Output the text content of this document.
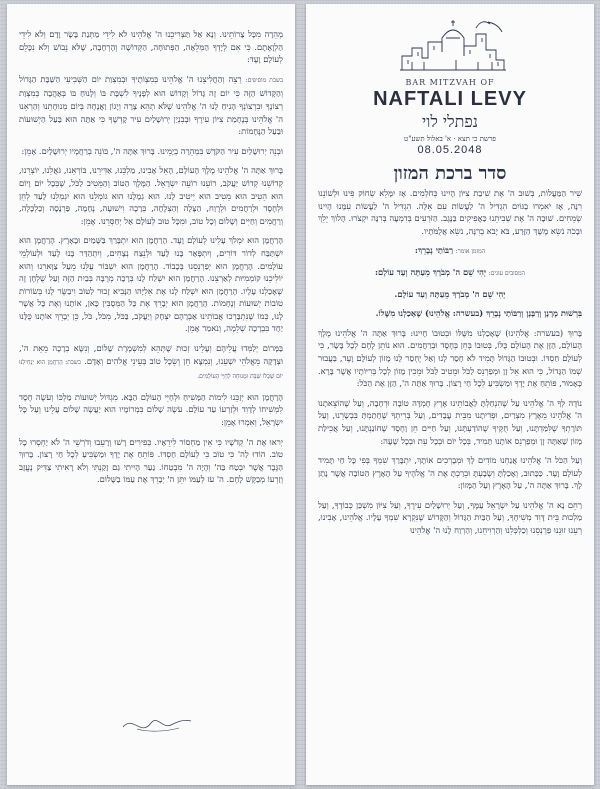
מְהֵרָה מִכָּל צָרוֹתֵינוּ. וְנָא אַל תַּצְרִיכֵנוּ ה' אֱלֹהֵינוּ לֹא לִידֵי מַתְּנַת בָּשָׂר וָדָם וְלֹא לִידֵי הַלְוָאָתָם. כִּי אִם לְיָדְךָ הַמְּלֵאָה, הַפְּתוּחָה, הַקְּדוֹשָׁה וְהָרְחָבָה, שֶׁלֹּא נֵבוֹשׁ וְלֹא נִכָּלֵם לְעוֹלָם וָעֶד:

בשבת מוסיפים: רְצֵה וְהַחֲלִיצֵנוּ ה' אֱלֹהֵינוּ בְּמִצְוֹתֶיךָ וּבְמִצְוַת יוֹם הַשְּׁבִיעִי הַשַּׁבָּת הַגָּדוֹל וְהַקָּדוֹשׁ הַזֶּה כִּי יוֹם זֶה גָּדוֹל וְקָדוֹשׁ הוּא לְפָנֶיךָ לִשְׁבָּת בּוֹ וְלָנוּחַ בּוֹ בְּאַהֲבָה כְּמִצְוַת רְצוֹנֶךָ וּבִרְצוֹנְךָ הָנִיחַ לָנוּ ה' אֱלֹהֵינוּ שֶׁלֹּא תְהֵא צָרָה וְיָגוֹן וַאֲנָחָה בְּיוֹם מְנוּחָתֵנוּ וְהַרְאֵנוּ ה' אֱלֹהֵינוּ בְּנֶחָמַת צִיּוֹן עִירֶךָ וּבְבִנְיַן יְרוּשָׁלַיִם עִיר קָדְשֶׁךָ כִּי אַתָּה הוּא בַּעַל הַיְשׁוּעוֹת וּבַעַל הַנֶּחָמוֹת:

וּבְנֵה יְרוּשָׁלַיִם עִיר הַקֹּדֶשׁ בִּמְהֵרָה בְיָמֵינוּ. בָּרוּךְ אַתָּה ה', בּוֹנֵה בְרַחֲמָיו יְרוּשָׁלָיִם. אָמֵן:

בָּרוּךְ אַתָּה ה' אֱלֹהֵינוּ מֶלֶךְ הָעוֹלָם, הָאֵל אָבִינוּ, מַלְכֵּנוּ, אַדִּירֵנוּ, בּוֹרְאֵנוּ, גֹּאֲלֵנוּ, יוֹצְרֵנוּ, קְדוֹשֵׁנוּ קְדוֹשׁ יַעֲקֹב, רוֹעֵנוּ רוֹעֵה יִשְׂרָאֵל. הַמֶּלֶךְ הַטּוֹב וְהַמֵּטִיב לַכֹּל, שֶׁבְּכָל יוֹם וָיוֹם הוּא הֵטִיב הוּא מֵטִיב הוּא יֵיטִיב לָנוּ. הוּא גְמָלָנוּ הוּא גוֹמְלֵנוּ הוּא יִגְמְלֵנוּ לָעַד לְחֵן וּלְחֶסֶד וּלְרַחֲמִים וּלְרֶוַח, הַצָּלָה וְהַצְלָחָה, בְּרָכָה וִישׁוּעָה, נֶחָמָה, פַּרְנָסָה וְכַלְכָּלָה, וְרַחֲמִים וְחַיִּים וְשָׁלוֹם וְכָל טוֹב, וּמִכָּל טוּב לְעוֹלָם אַל יְחַסְּרֵנוּ. אָמֵן:

הָרַחֲמָן הוּא יִמְלֹךְ עָלֵינוּ לְעוֹלָם וָעֶד. הָרַחֲמָן הוּא יִתְבָּרַךְ בַּשָּׁמַיִם וּבָאָרֶץ. הָרַחֲמָן הוּא יִשְׁתַּבַּח לְדוֹר דּוֹרִים, וְיִתְפָּאַר בָּנוּ לָעַד וּלְנֵצַח נְצָחִים, וְיִתְהַדַּר בָּנוּ לָעַד וּלְעוֹלְמֵי עוֹלָמִים. הָרַחֲמָן הוּא יְפַרְנְסֵנוּ בְּכָבוֹד. הָרַחֲמָן הוּא יִשְׁבּוֹר עֻלֵּנוּ מֵעַל צַוָּארֵנוּ וְהוּא יוֹלִיכֵנוּ קוֹמְמִיּוּת לְאַרְצֵנוּ. הָרַחֲמָן הוּא יִשְׁלַח לָנוּ בְּרָכָה מְרֻבָּה בְּבַיִת הַזֶּה וְעַל שֻׁלְחָן זֶה שֶׁאָכַלְנוּ עָלָיו. הָרַחֲמָן הוּא יִשְׁלַח לָנוּ אֶת אֵלִיָּהוּ הַנָּבִיא זָכוּר לַטּוֹב וִיבַשֶּׂר לָנוּ בְּשׂוֹרוֹת טוֹבוֹת יְשׁוּעוֹת וְנֶחָמוֹת. הָרַחֲמָן הוּא יְבָרֵךְ אֶת כָּל הַמְּסֻבִּין כָּאן, אוֹתָנוּ וְאֶת כָּל אֲשֶׁר לָנוּ, כְּמוֹ שֶׁנִּתְבָּרְכוּ אֲבוֹתֵינוּ אַבְרָהָם יִצְחָק וְיַעֲקֹב, בַּכֹּל, מִכֹּל, כֹּל, כֵּן יְבָרֵךְ אוֹתָנוּ כֻּלָּנוּ יַחַד בִּבְרָכָה שְׁלֵמָה, וְנֹאמַר אָמֵן.

בַּמָּרוֹם יְלַמְּדוּ עֲלֵיהֶם וְעָלֵינוּ זְכוּת שֶׁתְּהֵא לְמִשְׁמֶרֶת שָׁלוֹם, וְנִשָּׂא בְרָכָה מֵאֵת ה', וּצְדָקָה מֵאֱלֹהֵי יִשְׁעֵנוּ, וְנִמְצָא חֵן וְשֵׂכֶל טוֹב בְּעֵינֵי אֱלֹהִים וְאָדָם. בשבת: הָרַחֲמָן הוּא יַנְחִילֵנוּ יוֹם שֶׁכֻּלּוֹ שַׁבָּת וּמְנוּחָה לְחַיֵּי הָעוֹלָמִים.

הָרַחֲמָן הוּא יְזַכֵּנוּ לִימוֹת הַמָּשִׁיחַ וּלְחַיֵּי הָעוֹלָם הַבָּא. מִגְדּוֹל יְשׁוּעוֹת מַלְכּוֹ וְעֹשֶׂה חֶסֶד לִמְשִׁיחוֹ לְדָוִד וּלְזַרְעוֹ עַד עוֹלָם. עֹשֶׂה שָׁלוֹם בִּמְרוֹמָיו הוּא יַעֲשֶׂה שָׁלוֹם עָלֵינוּ וְעַל כָּל יִשְׂרָאֵל, וְאִמְרוּ אָמֵן:

יְראוּ אֶת ה' קְדֹשָׁיו כִּי אֵין מַחְסוֹר לִירֵאָיו. כְּפִירִים רָשׁוּ וְרָעֵבוּ וְדֹרְשֵׁי ה' לֹא יַחְסְרוּ כָל טוֹב. הוֹדוּ לַה' כִּי טוֹב כִּי לְעוֹלָם חַסְדּוֹ. פּוֹתֵחַ אֶת יָדֶךָ וּמַשְׂבִּיעַ לְכָל חַי רָצוֹן. בָּרוּךְ הַגֶּבֶר אֲשֶׁר יִבְטַח בַּה' וְהָיָה ה' מִבְטַחוֹ. נַעַר הָיִיתִי גַם זָקַנְתִּי וְלֹא רָאִיתִי צַדִּיק נֶעֱזָב וְזַרְעוֹ מְבַקֶּשׁ לָחֶם. ה' עֹז לְעַמּוֹ יִתֵּן ה' יְבָרֵךְ אֶת עַמּוֹ בַשָּׁלוֹם.

BAR MITZVAH OF
NAFTALI LEVY
נפתלי לוי
פרשת כי תצא · א' באלול תשע"ט
08.05.2048
סדר ברכת המזון

שִׁיר הַמַּעֲלוֹת, בְּשׁוּב ה' אֶת שִׁיבַת צִיּוֹן הָיִינוּ כְּחֹלְמִים. אָז יִמָּלֵא שְׂחוֹק פִּינוּ וּלְשׁוֹנֵנוּ רִנָּה, אָז יֹאמְרוּ בַגּוֹיִם הִגְדִּיל ה' לַעֲשׂוֹת עִם אֵלֶּה. הִגְדִּיל ה' לַעֲשׂוֹת עִמָּנוּ הָיִינוּ שְׂמֵחִים. שׁוּבָה ה' אֶת שְׁבִיתֵנוּ כַּאֲפִיקִים בַּנֶּגֶב. הַזֹּרְעִים בְּדִמְעָה בְּרִנָּה יִקְצֹרוּ. הָלוֹךְ יֵלֵךְ וּבָכֹה נֹשֵׂא מֶשֶׁךְ הַזָּרַע, בֹּא יָבֹא בְרִנָּה, נֹשֵׂא אֲלֻמֹּתָיו.

המזמן אומר: רַבּוֹתַי נְבָרֵךְ:

המסובים עונים: יְהִי שֵׁם ה' מְבֹרָךְ מֵעַתָּה וְעַד עוֹלָם:

יְהִי שֵׁם ה' מְבֹרָךְ מֵעַתָּה וְעַד עוֹלָם.

בִּרְשׁוּת מָרָנָן וְרַבָּנָן וְרַבּוֹתַי נְבָרֵךְ (בעשרה: אֱלֹהֵינוּ) שֶׁאָכַלְנוּ מִשֶּׁלוֹ.

בָּרוּךְ (בעשרה: אֱלֹהֵינוּ) שֶׁאָכַלְנוּ מִשֶּׁלּוֹ וּבְטוּבוֹ חָיִינוּ: בָּרוּךְ אַתָּה ה' אֱלֹהֵינוּ מֶלֶךְ הָעוֹלָם, הַזָּן אֶת הָעוֹלָם כֻּלּוֹ, בְּטוּבוֹ בְּחֵן בְּחֶסֶד וּבְרַחֲמִים. הוּא נוֹתֵן לֶחֶם לְכָל בָּשָׂר, כִּי לְעוֹלָם חַסְדּוֹ. וּבְטוּבוֹ הַגָּדוֹל תָּמִיד לֹא חָסַר לָנוּ וְאַל יֶחְסַר לָנוּ מָזוֹן לְעוֹלָם וָעֶד, בַּעֲבוּר שְׁמוֹ הַגָּדוֹל, כִּי הוּא אֵל זָן וּמְפַרְנֵס לַכֹּל וּמֵטִיב לַכֹּל וּמֵכִין מָזוֹן לְכָל בְּרִיּוֹתָיו אֲשֶׁר בָּרָא. כָּאָמוּר, פּוֹתֵחַ אֶת יָדֶךָ וּמַשְׂבִּיעַ לְכָל חַי רָצוֹן. בָּרוּךְ אַתָּה ה', הַזָּן אֶת הַכֹּל:

נוֹדֶה לְּךָ ה' אֱלֹהֵינוּ עַל שֶׁהִנְחַלְתָּ לַאֲבוֹתֵינוּ אֶרֶץ חֶמְדָּה טוֹבָה וּרְחָבָה, וְעַל שֶׁהוֹצֵאתָנוּ ה' אֱלֹהֵינוּ מֵאֶרֶץ מִצְרַיִם, וּפְדִיתָנוּ מִבֵּית עֲבָדִים, וְעַל בְּרִיתְךָ שֶׁחָתַמְתָּ בִּבְשָׂרֵנוּ, וְעַל תּוֹרָתְךָ שֶׁלִּמַּדְתָּנוּ, וְעַל חֻקֶּיךָ שֶׁהוֹדַעְתָּנוּ, וְעַל חַיִּים חֵן וָחֶסֶד שֶׁחוֹנַנְתָּנוּ, וְעַל אֲכִילַת מָזוֹן שָׁאַתָּה זָן וּמְפַרְנֵס אוֹתָנוּ תָּמִיד, בְּכָל יוֹם וּבְכָל עֵת וּבְכָל שָׁעָה:

וְעַל הַכֹּל ה' אֱלֹהֵינוּ אֲנַחְנוּ מוֹדִים לָךְ וּמְבָרְכִים אוֹתָךְ, יִתְבָּרַךְ שִׁמְךָ בְּפִי כָּל חַי תָּמִיד לְעוֹלָם וָעֶד. כַּכָּתוּב, וְאָכַלְתָּ וְשָׂבָעְתָּ וּבֵרַכְתָּ אֶת ה' אֱלֹהֶיךָ עַל הָאָרֶץ הַטּוֹבָה אֲשֶׁר נָתַן לָךְ. בָּרוּךְ אַתָּה ה', עַל הָאָרֶץ וְעַל הַמָּזוֹן:

רַחֵם נָא ה' אֱלֹהֵינוּ עַל יִשְׂרָאֵל עַמֶּךָ, וְעַל יְרוּשָׁלַיִם עִירֶךָ, וְעַל צִיּוֹן מִשְׁכַּן כְּבוֹדֶךָ, וְעַל מַלְכוּת בֵּית דָּוִד מְשִׁיחֶךָ, וְעַל הַבַּיִת הַגָּדוֹל וְהַקָּדוֹשׁ שֶׁנִּקְרָא שִׁמְךָ עָלָיו. אֱלֹהֵינוּ, אָבִינוּ, רְעֵנוּ זוּנֵנוּ פַרְנְסֵנוּ וְכַלְכְּלֵנוּ וְהַרְוִיחֵנוּ, וְהַרְוַח לָנוּ ה' אֱלֹהֵינוּ
